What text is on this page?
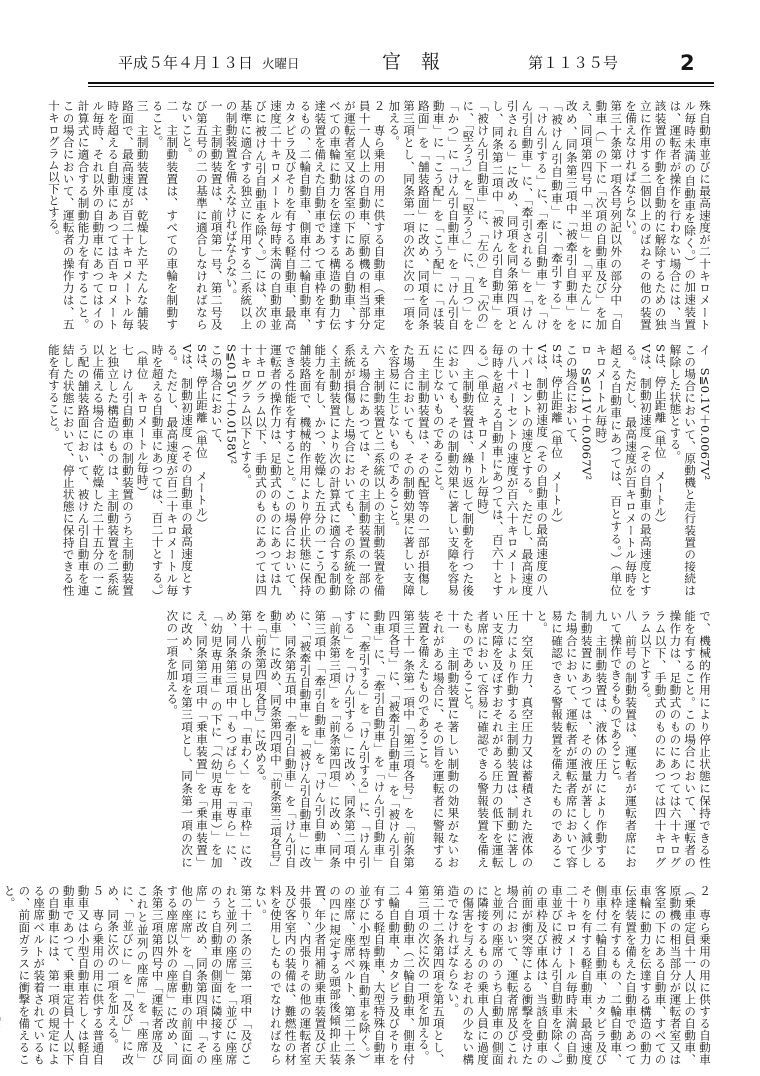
平成５年４月１３日 火曜日	官報	第１１３５号	2
殊自動車並びに最高速度が二十キロメートル毎時未満の自動車を除く。）の加速装置は、運転者が操作を行わない場合には、当該装置の作動を自動的に解除するための独立に作用する二個以上のばねその他の装置を備えなければならない。
第三十条第一項各号列記以外の部分中「自動車（」の下に「次項の自動車及び」を加え、同項第四号中「半坦」を「平たん」に改め、同条第三項中「被牽引自動車」を「被けん引自動車」に、「牽引する」を「けん引する」に、「牽引自動車」を「けん引自動車」に、「牽引される」を「けん引される」に改め、同項を同条第四項とし、同条第二項中「被けん引自動車」を「被けん引自動車」に、「左の」を「次の」に、「堅ろう」を「堅ろう」に、「且つ」を「かつ」に「けん引自動車」を「けん引自動車」に「こう配」を「こう配」に「ほ装路面」を「舗装路面」に改め、同項を同条第三項とし、同条第一項の次に次の一項を加える。
２　専ら乗用の用に供する自動車（乗車定員十一人以上の自動車、原動機の相当部分が運転者室又は客室の下にある自動車、すべての車輪に動力を伝達する構造の動力伝達装置を備えた自動車であつて車枠を有するもの、二輪自動車、側車付二輪自動車、カタピラ及びそりを有する軽自動車、最高速度二十キロメートル毎時未満の自動車並びに被けん引自動車を除く。）には、次の基準に適合する独立に作用する二系統以上の制動装置を備えなければならない。
一　主制動装置は、前項第一号、第二号及び第五号の二の基準に適合しなければならないこと。
二　主制動装置は、すべての車輪を制動すること。
三　主制動装置は、乾燥した平たんな舗装路面で、最高速度が百二十キロメートル毎時を超える自動車にあつては百キロメートル毎時、それ以外の自動車にあつてはイの計算式に適合する制動能力を有すること。この場合において、運転者の操作力は、五十キログラム以下とする。
イ　S≦0.1V＋0.0067V²
この場合において、原動機と走行装置の接続は解除した状態とする。
Sは、停止距離（単位　メートル）
Vは、制動初速度（その自動車の最高速度とする。ただし、最高速度が百キロメートル毎時を超える自動車にあつては、百とする。）（単位　キロメートル毎時）
ロ　S≦0.1V＋0.0067V²
この場合において、
Sは、停止距離（単位　メートル）
Vは、制動初速度（その自動車の最高速度の八十パーセントの速度とする。ただし、最高速度の八十パーセントの速度が百六十キロメートル毎時を超える自動車にあつては、百六十とする。）（単位　キロメートル毎時）
四　主制動装置は、繰り返して制動を行つた後においても、その制動効果に著しい支障を容易に生じないものであること。
五　主制動装置は、その配管等の一部が損傷した場合においても、その制動効果に著しい支障を容易に生じないものであること。
六　主制動装置と二系統以上の主制動装置を備える場合にあつては、その主制動装置の一部の系統が損傷した場合においても、その系統を除く主制動装置により次の計算式に適合する制動能力を有し、かつ、乾燥した五分の一こう配の舗装路面で、機械的作用により停止状態に保持できる性能を有すること。この場合において、運転者の操作力は、足動式のものにあつては九十キログラム以下、手動式のものにあつては四十キログラム以下とする。
S≦0.15V＋0.0158V²
この場合において、
Sは、停止距離（単位　メートル）
Vは、制動初速度（その自動車の最高速度とする。ただし、最高速度が百二十キロメートル毎時を超える自動車にあつては、百二十とする。）（単位　キロメートル毎時）
七　けん引自動車の制動装置のうち主制動装置と独立した構造のものは、主制動装置を二系統以上備える場合には、乾燥した二十五分の一こう配の舗装路面において、被けん引自動車を連結した状態において、停止状態に保持できる性能を有すること。
で、機械的作用により停止状態に保持できる性能を有すること。この場合において、運転者の操作力は、足動式のものにあつては六十キログラム以下、手動式のものにあつては四十キログラム以下とする。
八　前号の制動装置は、運転者が運転者席において操作できるものであること。
九　主制動装置は、液体の圧力により作動する制動装置にあつては、その液量が著しく減少した場合において、運転者が運転者席において容易に確認できる警報装置を備えたものであること。
十　空気圧力、真空圧力又は蓄積された液体の圧力により作動する主制動装置は、制動に著しい支障を及ぼすおそれがある圧力の低下を運転者席において容易に確認できる警報装置を備えたものであること。
十一　主制動装置に著しい制動の効果がないおそれがある場合に、その旨を運転者に警報する装置を備えたものであること。
第三十一条第一項中「第三項各号」を「前条第四項各号」に、「被牽引自動車」を「被けん引自動車」に、「牽引自動車」を「けん引自動車」に、「牽引する」を「けん引する」に、「けん引する」を「けん引する」に改め、同条第二項中「前条第三項」を「前条第四項」に改め、同条第三項中「牽引自動車」を「けん引自動車」に、「被牽引自動車」を「被けん引自動車」に改め、同条第五項中「牽引自動車」を「けん引自動車」に改め、同条第四項中「前条第三項各号」を「前条第四項各号」に改める。
第十八条の見出し中「車わく」を「車枠」に改め、同条第三項中「もつぱら」を「専ら」に、「幼児専用車」の下に「（幼児専用車）」を加え、同条第三項中「乗車装置」を「乗車装置」に改め、同項を第三項とし、同条第一項の次に次の一項を加える。
２　専ら乗用の用に供する自動車（乗車定員十一人以上の自動車、原動機の相当部分が運転者室又は客室の下にある自動車、すべての車輪に動力を伝達する構造の動力伝達装置を備えた自動車であつて車枠を有するもの、二輪自動車、側車付二輪自動車、カタピラ及びそりを有する軽自動車、最高速度二十キロメートル毎時未満の自動車並びに被けん引自動車を除く。）の車枠及び車体は、当該自動車の前面が衝突等による衝撃を受けた場合において、運転者席及びこれと並列の座席のうち自動車の側面に隣接するものの乗車人員に過度の傷害を与えるおそれの少ない構造でなければならない。
第二十二条第四項を第五項とし、第三項の次に次の一項を加える。
４　自動車（二輪自動車、側車付二輪自動車、カタピラ及びそりを有する軽自動車、大型特殊自動車並びに小型特殊自動車を除く。）の座席、座席ベルト、第二十二条の四に規定する頭部後傾抑止装置、年少者用補助乗車装置及び天井張り、内張りその他の運転者室及び客室内の装備は、難燃性の材料を使用したものでなければならない。
第二十二条の三第一項中「及びこれと並列の座席」を「並びに座席のうち自動車の側面に隣接する座席」に改め、同条第四項中「その他の座席」を「自動車の前面に面する座席以外の座席」に改め、同条第三項第四号中「運転者席及びこれと並列の座席」を「座席」に、「並びに」を「及び」に改め、同条に次の一項を加える。
５　専ら乗用の用に供する普通自動車又は小型自動車若しくは軽自動車であつて、乗車定員十人以下の自動車には、第一項の規定による座席ベルトが装着されているもの、前面ガラスに衝撃を備えること。
